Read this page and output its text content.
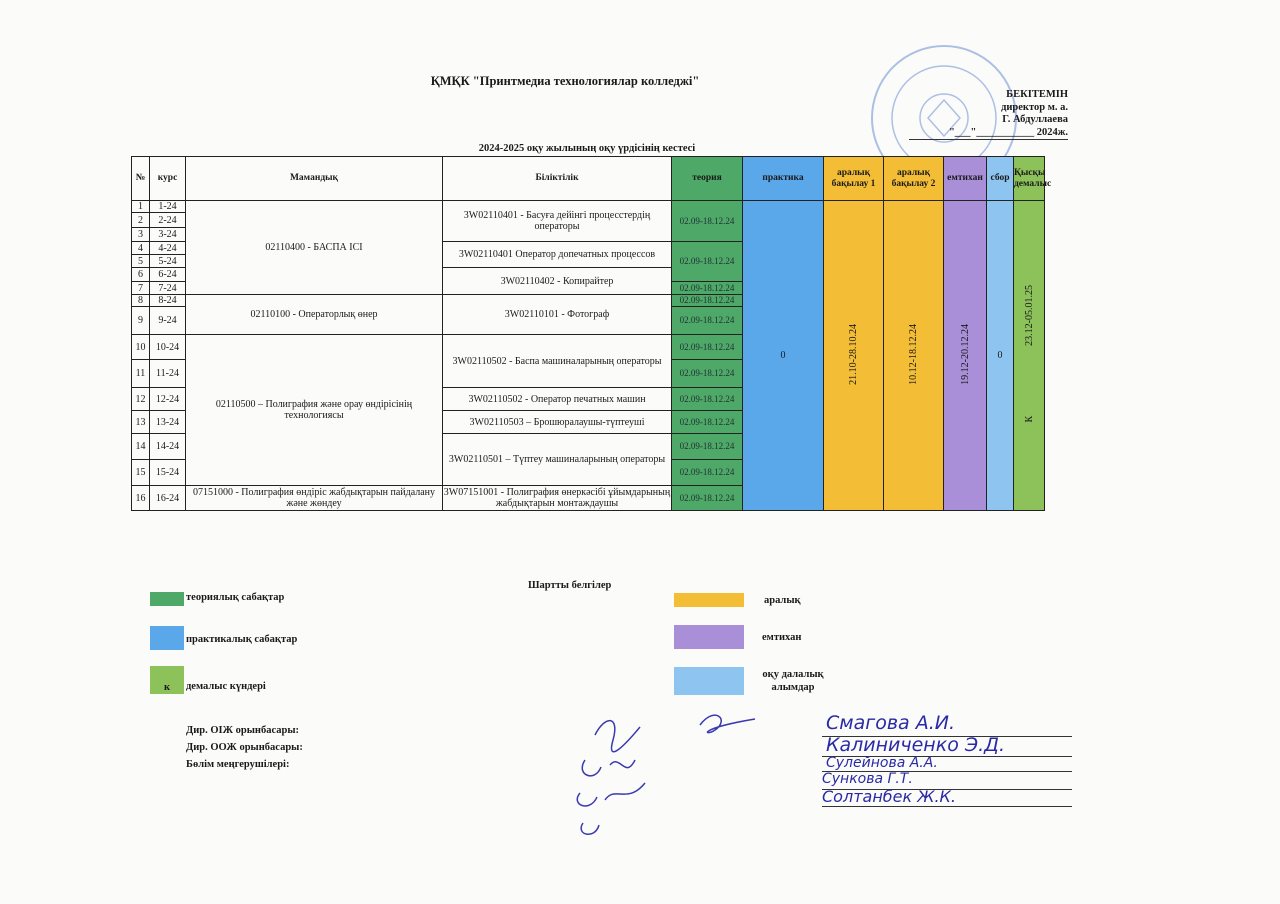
ҚМҚК "Принтмедиа технологиялар колледжі"
БЕКІТЕМІН
директор м. а.
Г. Абдуллаева
"___"___________ 2024ж.
2024-2025 оқу жылының оқу үрдісінің кестесі
№	курс	Мамандық	Біліктілік	теория	практика	аралық бақылау 1	аралық бақылау 2	емтихан	сбор	Қысқы демалыс
1	1-24	02110400 - БАСПА ІСІ	3W02110401 - Басуға дейінгі процесстердің операторы	02.09-18.12.24	0	21.10-28.10.24	10.12-18.12.24	19.12-20.12.24	0	К                            23.12-05.01.25
2	2-24									
3	3-24									
4	4-24		3W02110401 Оператор допечатных процессов	02.09-18.12.24						
5	5-24									
6	6-24		3W02110402 - Копирайтер							
7	7-24			02.09-18.12.24						
8	8-24	02110100 - Операторлық өнер	3W02110101 - Фотограф	02.09-18.12.24						
9	9-24			02.09-18.12.24						
10	10-24	02110500 – Полиграфия және орау өндірісінің технологиясы	3W02110502 - Баспа машиналарының операторы	02.09-18.12.24						
11	11-24			02.09-18.12.24						
12	12-24		3W02110502 - Оператор печатных машин	02.09-18.12.24						
13	13-24		3W02110503 – Брошюралаушы-түптеуші	02.09-18.12.24						
14	14-24		3W02110501 – Түптеу машиналарының операторы	02.09-18.12.24						
15	15-24			02.09-18.12.24						
16	16-24	07151000 - Полиграфия өндіріс жабдықтарын пайдалану және жөндеу	3W07151001 - Полиграфия өнеркәсібі ұйымдарының жабдықтарын монтаждаушы	02.09-18.12.24						
Шартты белгілер
теориялық сабақтар
практикалық сабақтар
к	демалыс күндері
аралық
емтихан
оқу далалық алымдар
Дир. ОІЖ орынбасары:
Дир. ООЖ орынбасары:
Бөлім меңгерушілері:
Смагова А.И.
Калиниченко Э.Д.
Сулейнова А.А.
Сункова Г.Т.
Солтанбек Ж.К.
